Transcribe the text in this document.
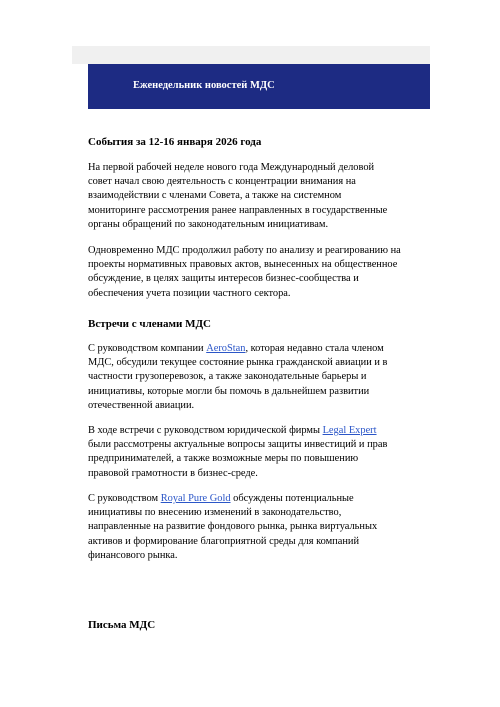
Еженедельник новостей МДС
События за 12-16 января 2026 года
На первой рабочей неделе нового года Международный деловой
совет начал свою деятельность с концентрации внимания на
взаимодействии с членами Совета, а также на системном
мониторинге рассмотрения ранее направленных в государственные
органы обращений по законодательным инициативам.
Одновременно МДС продолжил работу по анализу и реагированию на
проекты нормативных правовых актов, вынесенных на общественное
обсуждение, в целях защиты интересов бизнес-сообщества и
обеспечения учета позиции частного сектора.
Встречи с членами МДС
С руководством компании AeroStan, которая недавно стала членом
МДС, обсудили текущее состояние рынка гражданской авиации и в
частности грузоперевозок, а также законодательные барьеры и
инициативы, которые могли бы помочь в дальнейшем развитии
отечественной авиации.
В ходе встречи с руководством юридической фирмы Legal Expert
были рассмотрены актуальные вопросы защиты инвестиций и прав
предпринимателей, а также возможные меры по повышению
правовой грамотности в бизнес-среде.
С руководством Royal Pure Gold обсуждены потенциальные
инициативы по внесению изменений в законодательство,
направленные на развитие фондового рынка, рынка виртуальных
активов и формирование благоприятной среды для компаний
финансового рынка.
Письма МДС
